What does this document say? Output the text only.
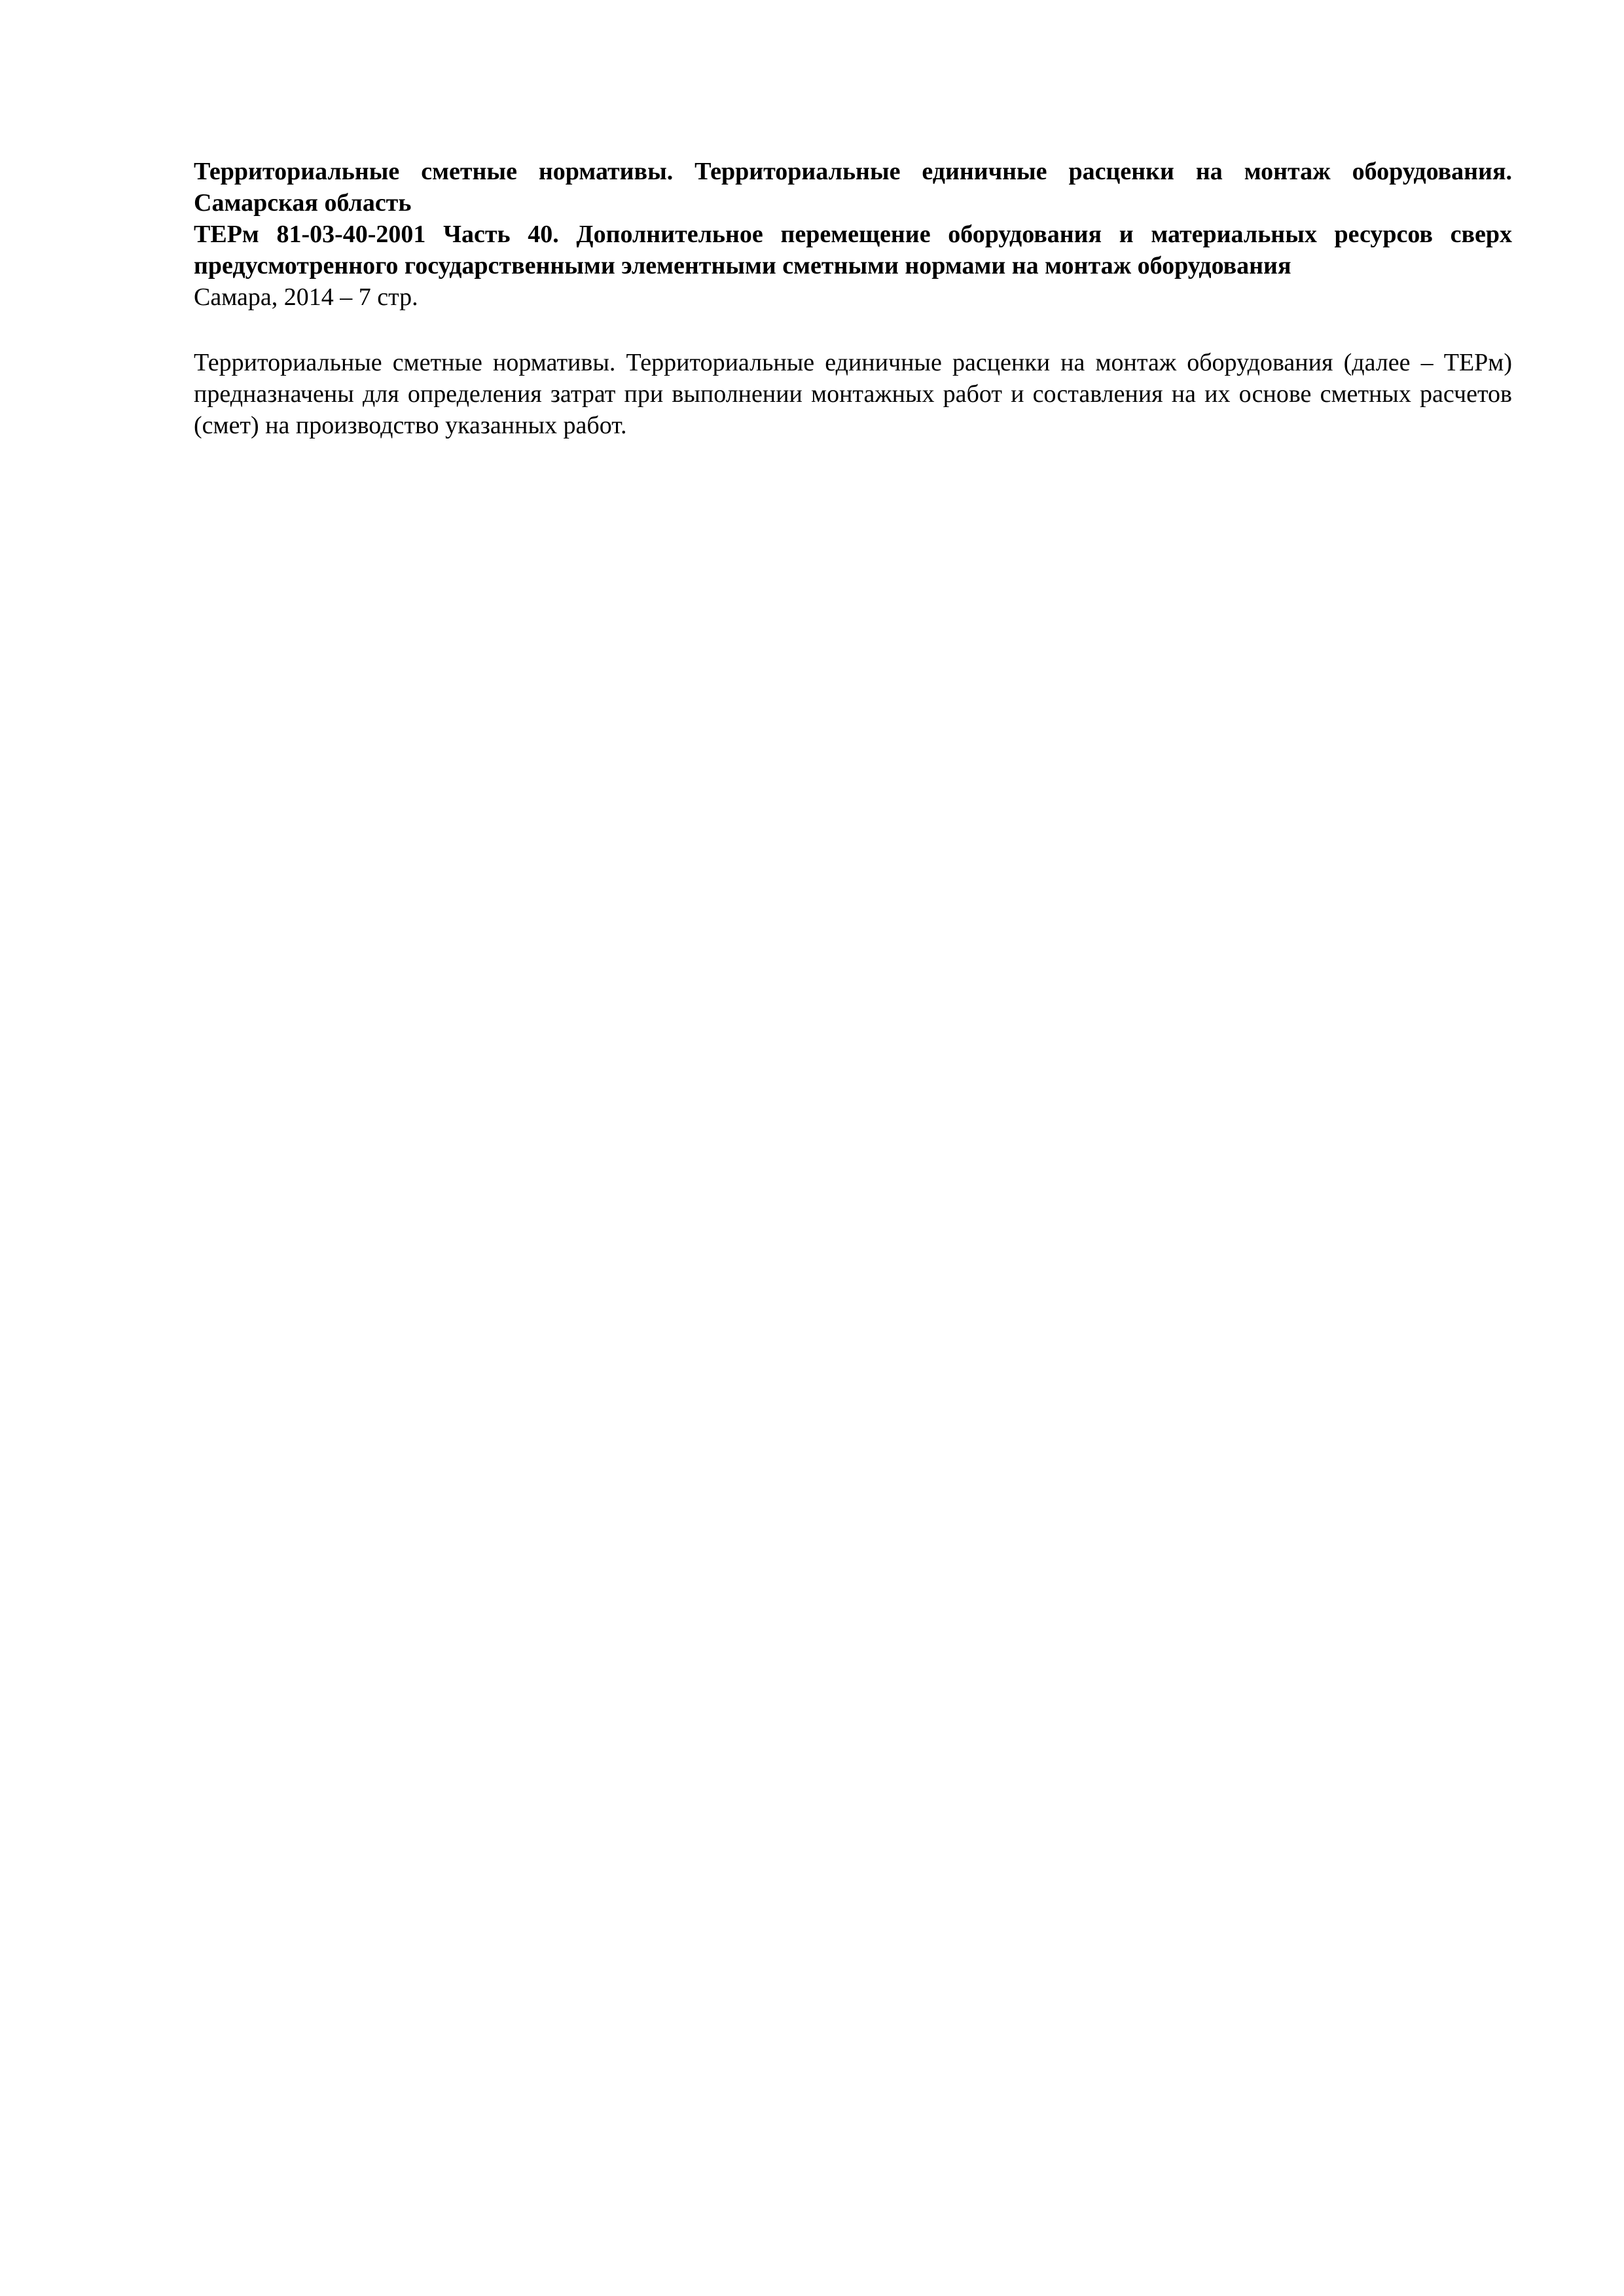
Территориальные сметные нормативы. Территориальные единичные расценки на монтаж оборудования. Самарская область

ТЕРм 81-03-40-2001 Часть 40. Дополнительное перемещение оборудования и материальных ресурсов сверх предусмотренного государственными элементными сметными нормами на монтаж оборудования

Самара, 2014 – 7 стр.

Территориальные сметные нормативы. Территориальные единичные расценки на монтаж оборудования (далее – ТЕРм) предназначены для определения затрат при выполнении монтажных работ и составления на их основе сметных расчетов (смет) на производство указанных работ.
